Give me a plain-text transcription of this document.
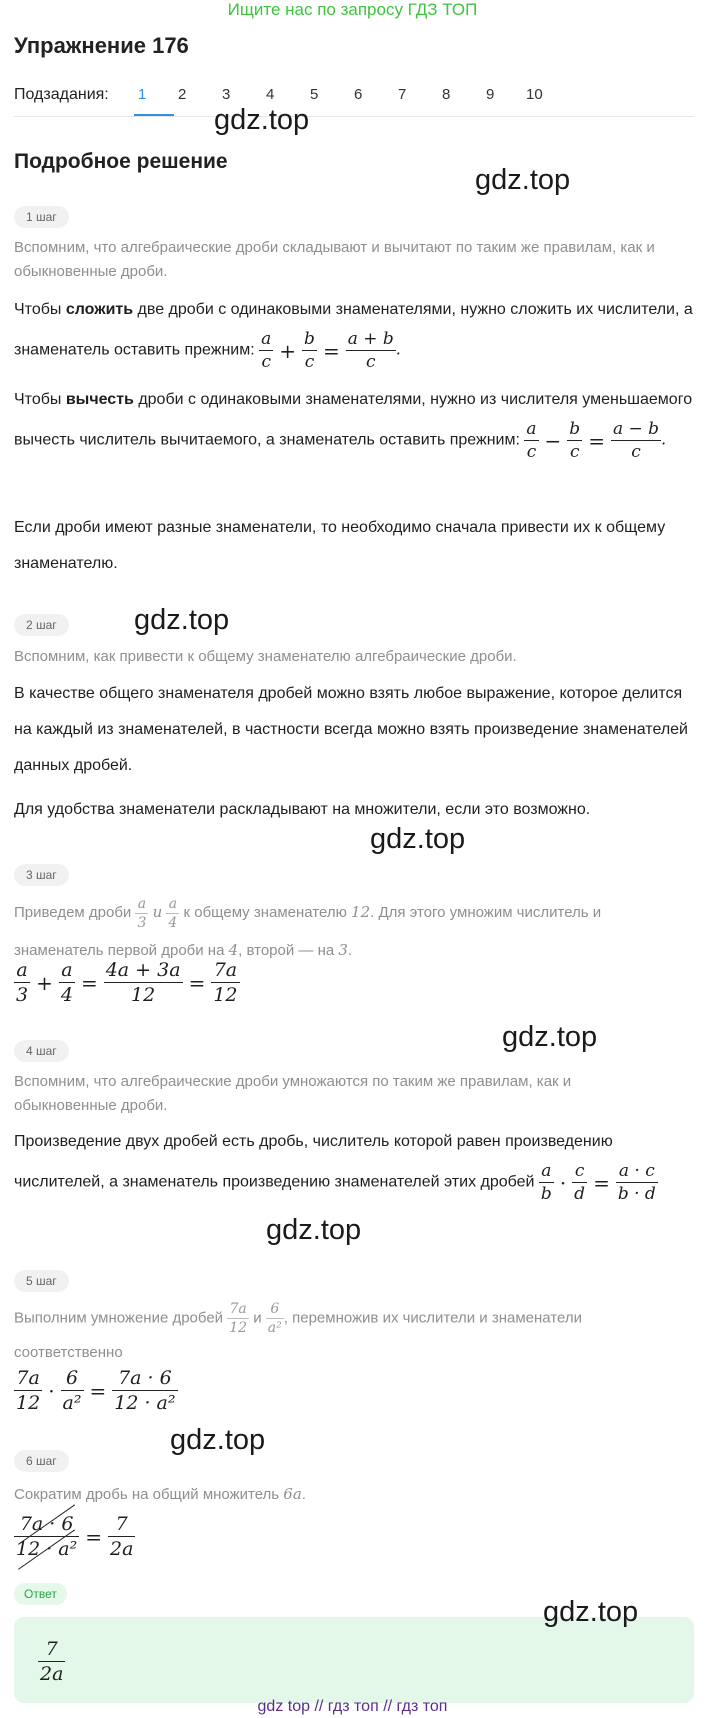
Ищите нас по запросу ГДЗ ТОП
Упражнение 176
Подзадания: 1 2 3 4 5 6 7 8 9 10
gdz.top
Подробное решение
gdz.top
1 шаг
Вспомним, что алгебраические дроби складывают и вычитают по таким же правилам, как и обыкновенные дроби.
Чтобы сложить две дроби с одинаковыми знаменателями, нужно сложить их числители, а знаменатель оставить прежним: $\frac{a}{c} + \frac{b}{c} = \frac{a + b}{c}$ .
Чтобы вычесть дроби с одинаковыми знаменателями, нужно из числителя уменьшаемого вычесть числитель вычитаемого, а знаменатель оставить прежним: $\frac{a}{c} - \frac{b}{c} = \frac{a - b}{c}$ .
Если дроби имеют разные знаменатели, то необходимо сначала привести их к общему знаменателю.
2 шаг	gdz.top
Вспомним, как привести к общему знаменателю алгебраические дроби.
В качестве общего знаменателя дробей можно взять любое выражение, которое делится на каждый из знаменателей, в частности всегда можно взять произведение знаменателей данных дробей.
Для удобства знаменатели раскладывают на множители, если это возможно.
gdz.top
3 шаг
Приведем дроби $\frac{a}{3}$ и $\frac{a}{4}$ к общему знаменателю 12. Для этого умножим числитель и знаменатель первой дроби на 4, второй — на 3.
$\frac{a}{3} + \frac{a}{4} = \frac{4a + 3a}{12} = \frac{7a}{12}$
gdz.top
4 шаг
Вспомним, что алгебраические дроби умножаются по таким же правилам, как и обыкновенные дроби.
Произведение двух дробей есть дробь, числитель которой равен произведению числителей, а знаменатель произведению знаменателей этих дробей $\frac{a}{b} \cdot \frac{c}{d} = \frac{a \cdot c}{b \cdot d}$
gdz.top
5 шаг
Выполним умножение дробей $\frac{7a}{12}$ и $\frac{6}{\text{a²}}$ , перемножив их числители и знаменатели соответственно
$\frac{7a}{12} \cdot \frac{6}{\text{a²}} = \frac{7a \cdot 6}{\text{12 · a²}}$
gdz.top
6 шаг
Сократим дробь на общий множитель 6a.
$\frac{7a \cdot 6}{\text{12 · a²}} = \frac{7}{2a}$
Ответ
$\frac{7}{2a}$
gdz.top
gdz top // гдз топ // гдз топ
